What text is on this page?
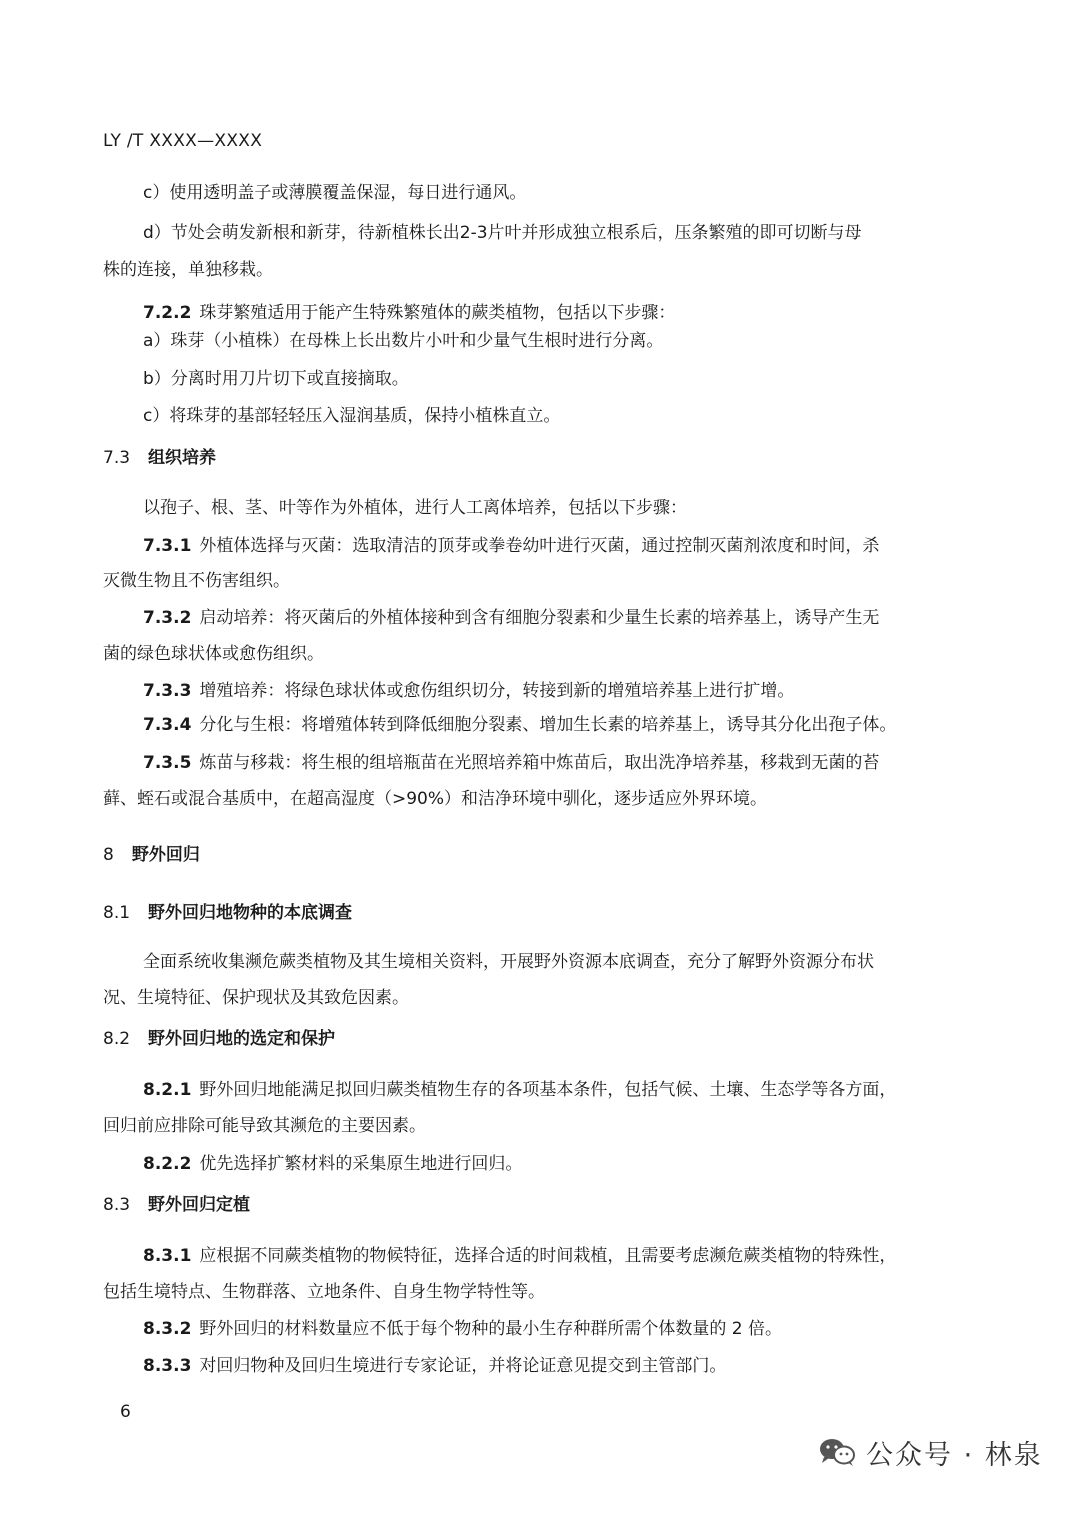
LY /T XXXX—XXXX
c）使用透明盖子或薄膜覆盖保湿，每日进行通风。
d）节处会萌发新根和新芽，待新植株长出2-3片叶并形成独立根系后，压条繁殖的即可切断与母
株的连接，单独移栽。
7.2.2 珠芽繁殖适用于能产生特殊繁殖体的蕨类植物，包括以下步骤：
a）珠芽（小植株）在母株上长出数片小叶和少量气生根时进行分离。
b）分离时用刀片切下或直接摘取。
c）将珠芽的基部轻轻压入湿润基质，保持小植株直立。
7.3 组织培养
以孢子、根、茎、叶等作为外植体，进行人工离体培养，包括以下步骤：
7.3.1 外植体选择与灭菌：选取清洁的顶芽或拳卷幼叶进行灭菌，通过控制灭菌剂浓度和时间，杀
灭微生物且不伤害组织。
7.3.2 启动培养：将灭菌后的外植体接种到含有细胞分裂素和少量生长素的培养基上，诱导产生无
菌的绿色球状体或愈伤组织。
7.3.3 增殖培养：将绿色球状体或愈伤组织切分，转接到新的增殖培养基上进行扩增。
7.3.4 分化与生根：将增殖体转到降低细胞分裂素、增加生长素的培养基上，诱导其分化出孢子体。
7.3.5 炼苗与移栽：将生根的组培瓶苗在光照培养箱中炼苗后，取出洗净培养基，移栽到无菌的苔
藓、蛭石或混合基质中，在超高湿度（>90%）和洁净环境中驯化，逐步适应外界环境。
8 野外回归
8.1 野外回归地物种的本底调查
全面系统收集濒危蕨类植物及其生境相关资料，开展野外资源本底调查，充分了解野外资源分布状
况、生境特征、保护现状及其致危因素。
8.2 野外回归地的选定和保护
8.2.1 野外回归地能满足拟回归蕨类植物生存的各项基本条件，包括气候、土壤、生态学等各方面，
回归前应排除可能导致其濒危的主要因素。
8.2.2 优先选择扩繁材料的采集原生地进行回归。
8.3 野外回归定植
8.3.1 应根据不同蕨类植物的物候特征，选择合适的时间栽植，且需要考虑濒危蕨类植物的特殊性，
包括生境特点、生物群落、立地条件、自身生物学特性等。
8.3.2 野外回归的材料数量应不低于每个物种的最小生存种群所需个体数量的 2 倍。
8.3.3 对回归物种及回归生境进行专家论证，并将论证意见提交到主管部门。
6
公众号 · 林泉
